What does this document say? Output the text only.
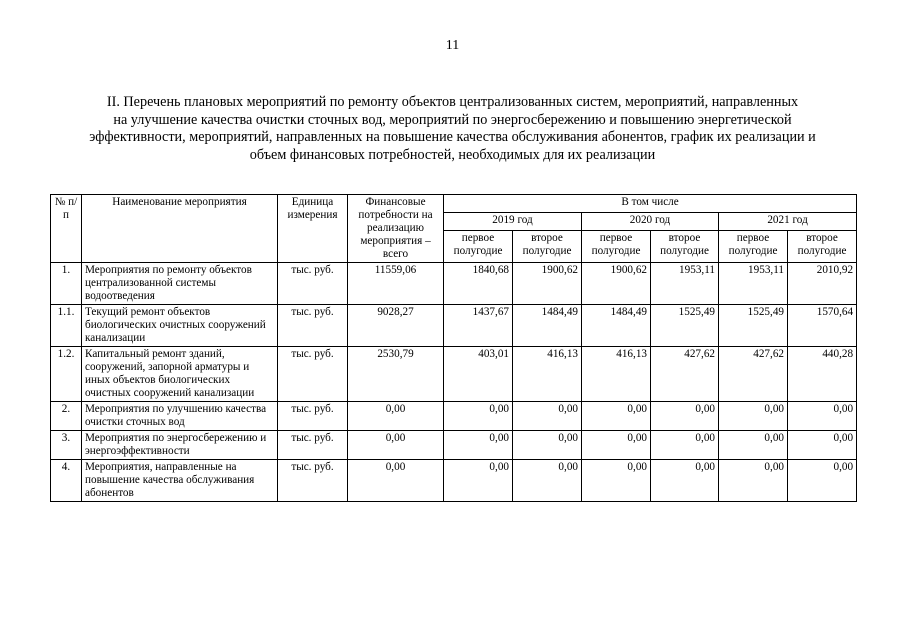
11
II. Перечень плановых мероприятий по ремонту объектов централизованных систем, мероприятий, направленных
на улучшение качества очистки сточных вод, мероприятий по энергосбережению и повышению энергетической
эффективности, мероприятий, направленных на повышение качества обслуживания абонентов, график их реализации и
объем финансовых потребностей, необходимых для их реализации
№ п/п	Наименование мероприятия	Единица измерения	Финансовые потребности на реализацию мероприятия – всего	В том числе					
				2019 год		2020 год		2021 год	
				первое полугодие	второе полугодие	первое полугодие	второе полугодие	первое полугодие	второе полугодие
1.	Мероприятия по ремонту объектов централизованной системы водоотведения	тыс. руб.	11559,06	1840,68	1900,62	1900,62	1953,11	1953,11	2010,92
1.1.	Текущий ремонт объектов биологических очистных сооружений канализации	тыс. руб.	9028,27	1437,67	1484,49	1484,49	1525,49	1525,49	1570,64
1.2.	Капитальный ремонт зданий, сооружений, запорной арматуры и иных объектов биологических очистных сооружений канализации	тыс. руб.	2530,79	403,01	416,13	416,13	427,62	427,62	440,28
2.	Мероприятия по улучшению качества очистки сточных вод	тыс. руб.	0,00	0,00	0,00	0,00	0,00	0,00	0,00
3.	Мероприятия по энергосбережению и энергоэффективности	тыс. руб.	0,00	0,00	0,00	0,00	0,00	0,00	0,00
4.	Мероприятия, направленные на повышение качества обслуживания абонентов	тыс. руб.	0,00	0,00	0,00	0,00	0,00	0,00	0,00
